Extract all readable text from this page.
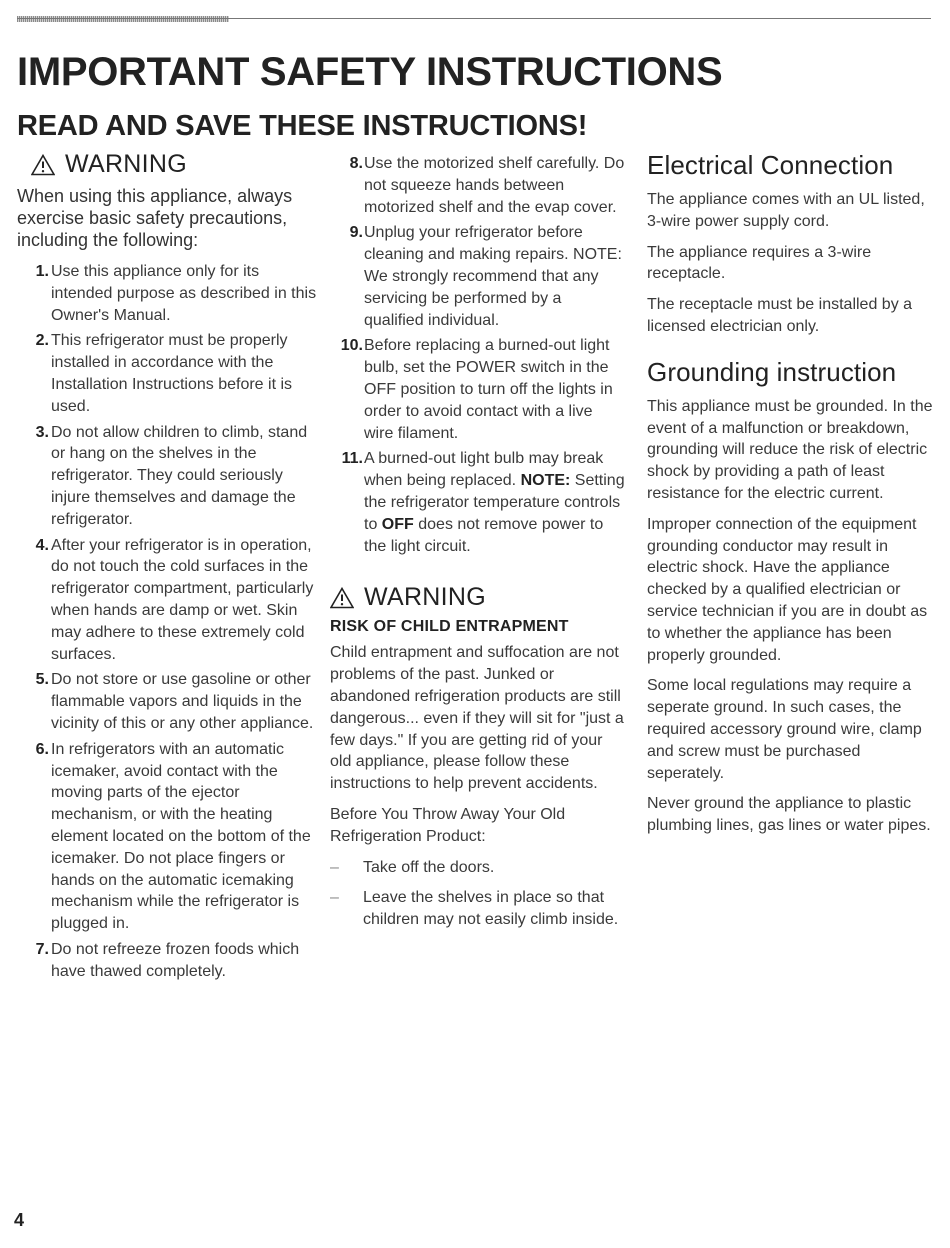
IMPORTANT SAFETY INSTRUCTIONS
READ AND SAVE THESE INSTRUCTIONS!
WARNING

When using this appliance, always exercise basic safety precautions, including the following:

1. Use this appliance only for its intended purpose as described in this Owner's Manual.
2. This refrigerator must be properly installed in accordance with the Installation Instructions before it is used.
3. Do not allow children to climb, stand or hang on the shelves in the refrigerator. They could seriously injure themselves and damage the refrigerator.
4. After your refrigerator is in operation, do not touch the cold surfaces in the refrigerator compartment, particularly when hands are damp or wet. Skin may adhere to these extremely cold surfaces.
5. Do not store or use gasoline or other flammable vapors and liquids in the vicinity of this or any other appliance.
6. In refrigerators with an automatic icemaker, avoid contact with the moving parts of the ejector mechanism, or with the heating element located on the bottom of the icemaker. Do not place fingers or hands on the automatic icemaking mechanism while the refrigerator is plugged in.
7. Do not refreeze frozen foods which have thawed completely.
8. Use the motorized shelf carefully. Do not squeeze hands between motorized shelf and the evap cover.
9. Unplug your refrigerator before cleaning and making repairs. NOTE: We strongly recommend that any servicing be performed by a qualified individual.
10. Before replacing a burned-out light bulb, set the POWER switch in the OFF position to turn off the lights in order to avoid contact with a live wire filament.
11. A burned-out light bulb may break when being replaced. NOTE: Setting the refrigerator temperature controls to OFF does not remove power to the light circuit.
WARNING
RISK OF CHILD ENTRAPMENT

Child entrapment and suffocation are not problems of the past. Junked or abandoned refrigeration products are still dangerous... even if they will sit for "just a few days." If you are getting rid of your old appliance, please follow these instructions to help prevent accidents.

Before You Throw Away Your Old Refrigeration Product:

–	Take off the doors.
–	Leave the shelves in place so that children may not easily climb inside.
Electrical Connection

The appliance comes with an UL listed, 3-wire power supply cord.

The appliance requires a 3-wire receptacle.

The receptacle must be installed by a licensed electrician only.

Grounding instruction

This appliance must be grounded. In the event of a malfunction or breakdown, grounding will reduce the risk of electric shock by providing a path of least resistance for the electric current.

Improper connection of the equipment grounding conductor may result in electric shock. Have the appliance checked by a qualified electrician or service technician if you are in doubt as to whether the appliance has been properly grounded.

Some local regulations may require a seperate ground. In such cases, the required accessory ground wire, clamp and screw must be purchased seperately.

Never ground the appliance to plastic plumbing lines, gas lines or water pipes.

4
